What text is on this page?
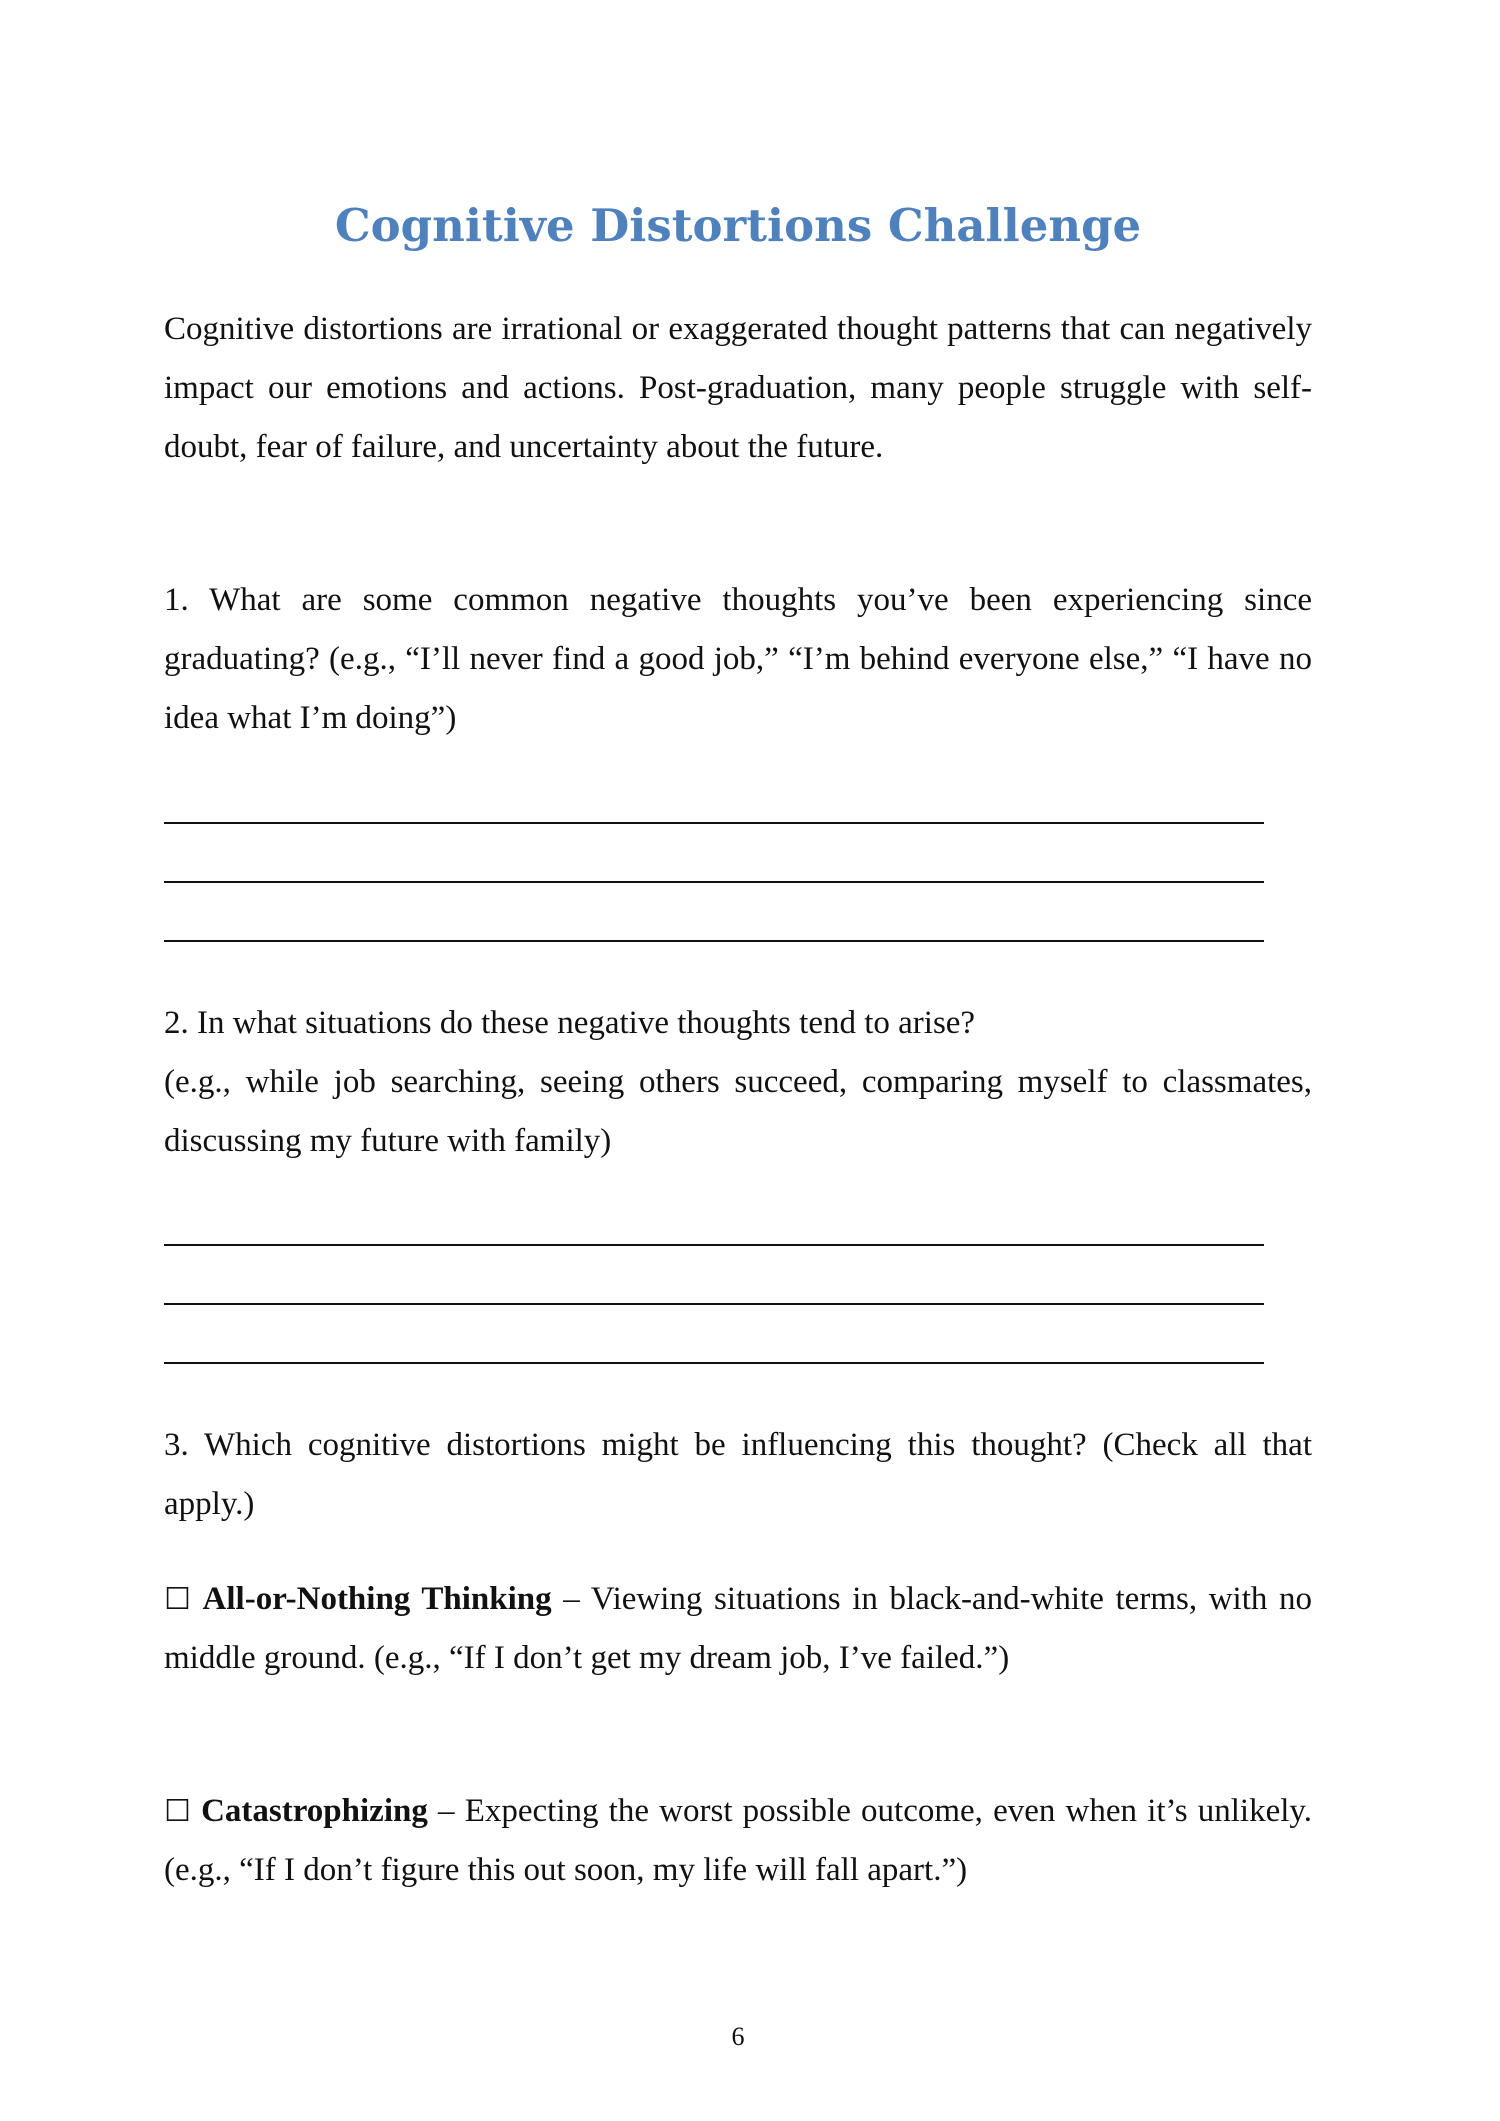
Cognitive Distortions Challenge

Cognitive distortions are irrational or exaggerated thought patterns that can negatively impact our emotions and actions. Post-graduation, many people struggle with self-doubt, fear of failure, and uncertainty about the future.

1. What are some common negative thoughts you’ve been experiencing since graduating? (e.g., “I’ll never find a good job,” “I’m behind everyone else,” “I have no idea what I’m doing”)

2. In what situations do these negative thoughts tend to arise?

(e.g., while job searching, seeing others succeed, comparing myself to classmates, discussing my future with family)

3. Which cognitive distortions might be influencing this thought? (Check all that apply.)

☐ All-or-Nothing Thinking – Viewing situations in black-and-white terms, with no middle ground. (e.g., “If I don’t get my dream job, I’ve failed.”)

☐ Catastrophizing – Expecting the worst possible outcome, even when it’s unlikely. (e.g., “If I don’t figure this out soon, my life will fall apart.”)

6
